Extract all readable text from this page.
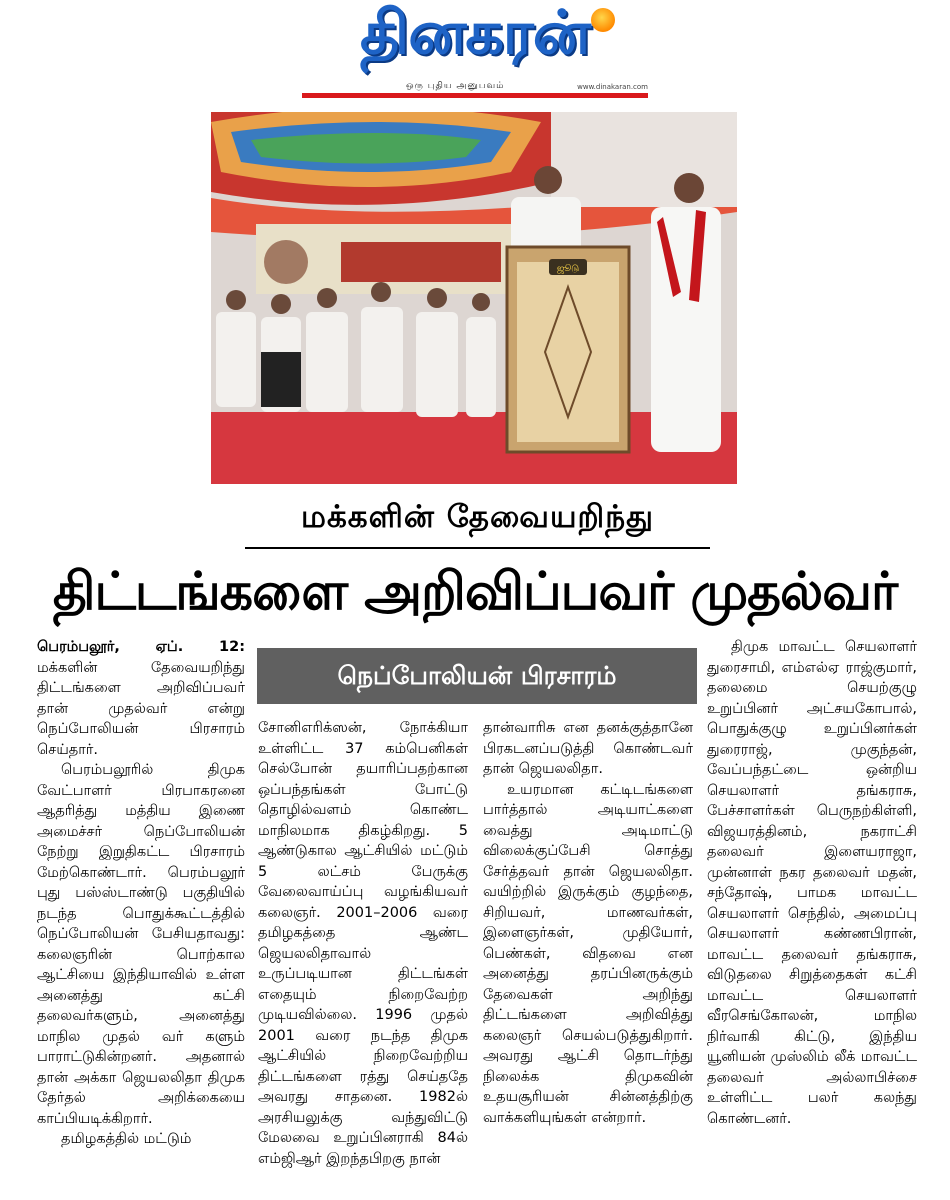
தினகரன்
ஒரு புதிய அனுபவம்	www.dinakaran.com
ஜூடு
மக்களின் தேவையறிந்து
திட்டங்களை அறிவிப்பவர் முதல்வர்

பெரம்பலூர், ஏப். 12: மக்களின் தேவையறிந்து திட்டங்களை அறிவிப்பவர் தான் முதல்வர் என்று நெப்போலியன் பிரசாரம் செய்தார்.

பெரம்பலூரில் திமுக வேட்பாளர் பிரபாகரனை ஆதரித்து மத்திய இணை அமைச்சர் நெப்போலியன் நேற்று இறுதிகட்ட பிரசாரம் மேற்கொண்டார். பெரம்பலூர் புது பஸ்ஸ்டாண்டு பகுதியில் நடந்த பொதுக்கூட்டத்தில் நெப்போலியன் பேசியதாவது: கலைஞரின் பொற்கால ஆட்சியை இந்தியாவில் உள்ள அனைத்து கட்சி தலைவர்களும், அனைத்து மாநில முதல் வர் களும் பாராட்டுகின்றனர். அதனால் தான் அக்கா ஜெயலலிதா திமுக தேர்தல் அறிக்கையை காப்பியடிக்கிறார்.

தமிழகத்தில் மட்டும்

நெப்போலியன் பிரசாரம்

சோனிஎரிக்ஸன், நோக்கியா உள்ளிட்ட 37 கம்பெனிகள் செல்போன் தயாரிப்பதற்கான ஒப்பந்தங்கள் போட்டு தொழில்வளம் கொண்ட மாநிலமாக திகழ்கிறது. 5 ஆண்டுகால ஆட்சியில் மட்டும் 5 லட்சம் பேருக்கு வேலைவாய்ப்பு வழங்கியவர் கலைஞர். 2001–2006 வரை தமிழகத்தை ஆண்ட ஜெயலலிதாவால் உருப்படியான திட்டங்கள் எதையும் நிறைவேற்ற முடியவில்லை. 1996 முதல் 2001 வரை நடந்த திமுக ஆட்சியில் நிறைவேற்றிய திட்டங்களை ரத்து செய்ததே அவரது சாதனை. 1982ல் அரசியலுக்கு வந்துவிட்டு மேலவை உறுப்பினராகி 84ல் எம்ஜிஆர் இறந்தபிறகு நான்

தான்வாரிசு என தனக்குத்தானே பிரகடனப்படுத்தி கொண்டவர் தான் ஜெயலலிதா.

உயரமான கட்டிடங்களை பார்த்தால் அடியாட்களை வைத்து அடிமாட்டு விலைக்குப்பேசி சொத்து சேர்த்தவர் தான் ஜெயலலிதா. வயிற்றில் இருக்கும் குழந்தை, சிறியவர், மாணவர்கள், இளைஞர்கள், முதியோர், பெண்கள், விதவை என அனைத்து தரப்பினருக்கும் தேவைகள் அறிந்து திட்டங்களை அறிவித்து கலைஞர் செயல்படுத்துகிறார். அவரது ஆட்சி தொடர்ந்து நிலைக்க திமுகவின் உதயசூரியன் சின்னத்திற்கு வாக்களியுங்கள் என்றார்.

திமுக மாவட்ட செயலாளர் துரைசாமி, எம்எல்ஏ ராஜ்குமார், தலைமை செயற்குழு உறுப்பினர் அட்சயகோபால், பொதுக்குழு உறுப்பினர்கள் துரைராஜ், முகுந்தன், வேப்பந்தட்டை ஒன்றிய செயலாளர் தங்கராசு, பேச்சாளர்கள் பெருநற்கிள்ளி, விஜயரத்தினம், நகராட்சி தலைவர் இளையராஜா, முன்னாள் நகர தலைவர் மதன், சந்தோஷ், பாமக மாவட்ட செயலாளர் செந்தில், அமைப்பு செயலாளர் கண்ணபிரான், மாவட்ட தலைவர் தங்கராசு, விடுதலை சிறுத்தைகள் கட்சி மாவட்ட செயலாளர் வீரசெங்கோலன், மாநில நிர்வாகி கிட்டு, இந்திய யூனியன் முஸ்லிம் லீக் மாவட்ட தலைவர் அல்லாபிச்சை உள்ளிட்ட பலர் கலந்து கொண்டனர்.
